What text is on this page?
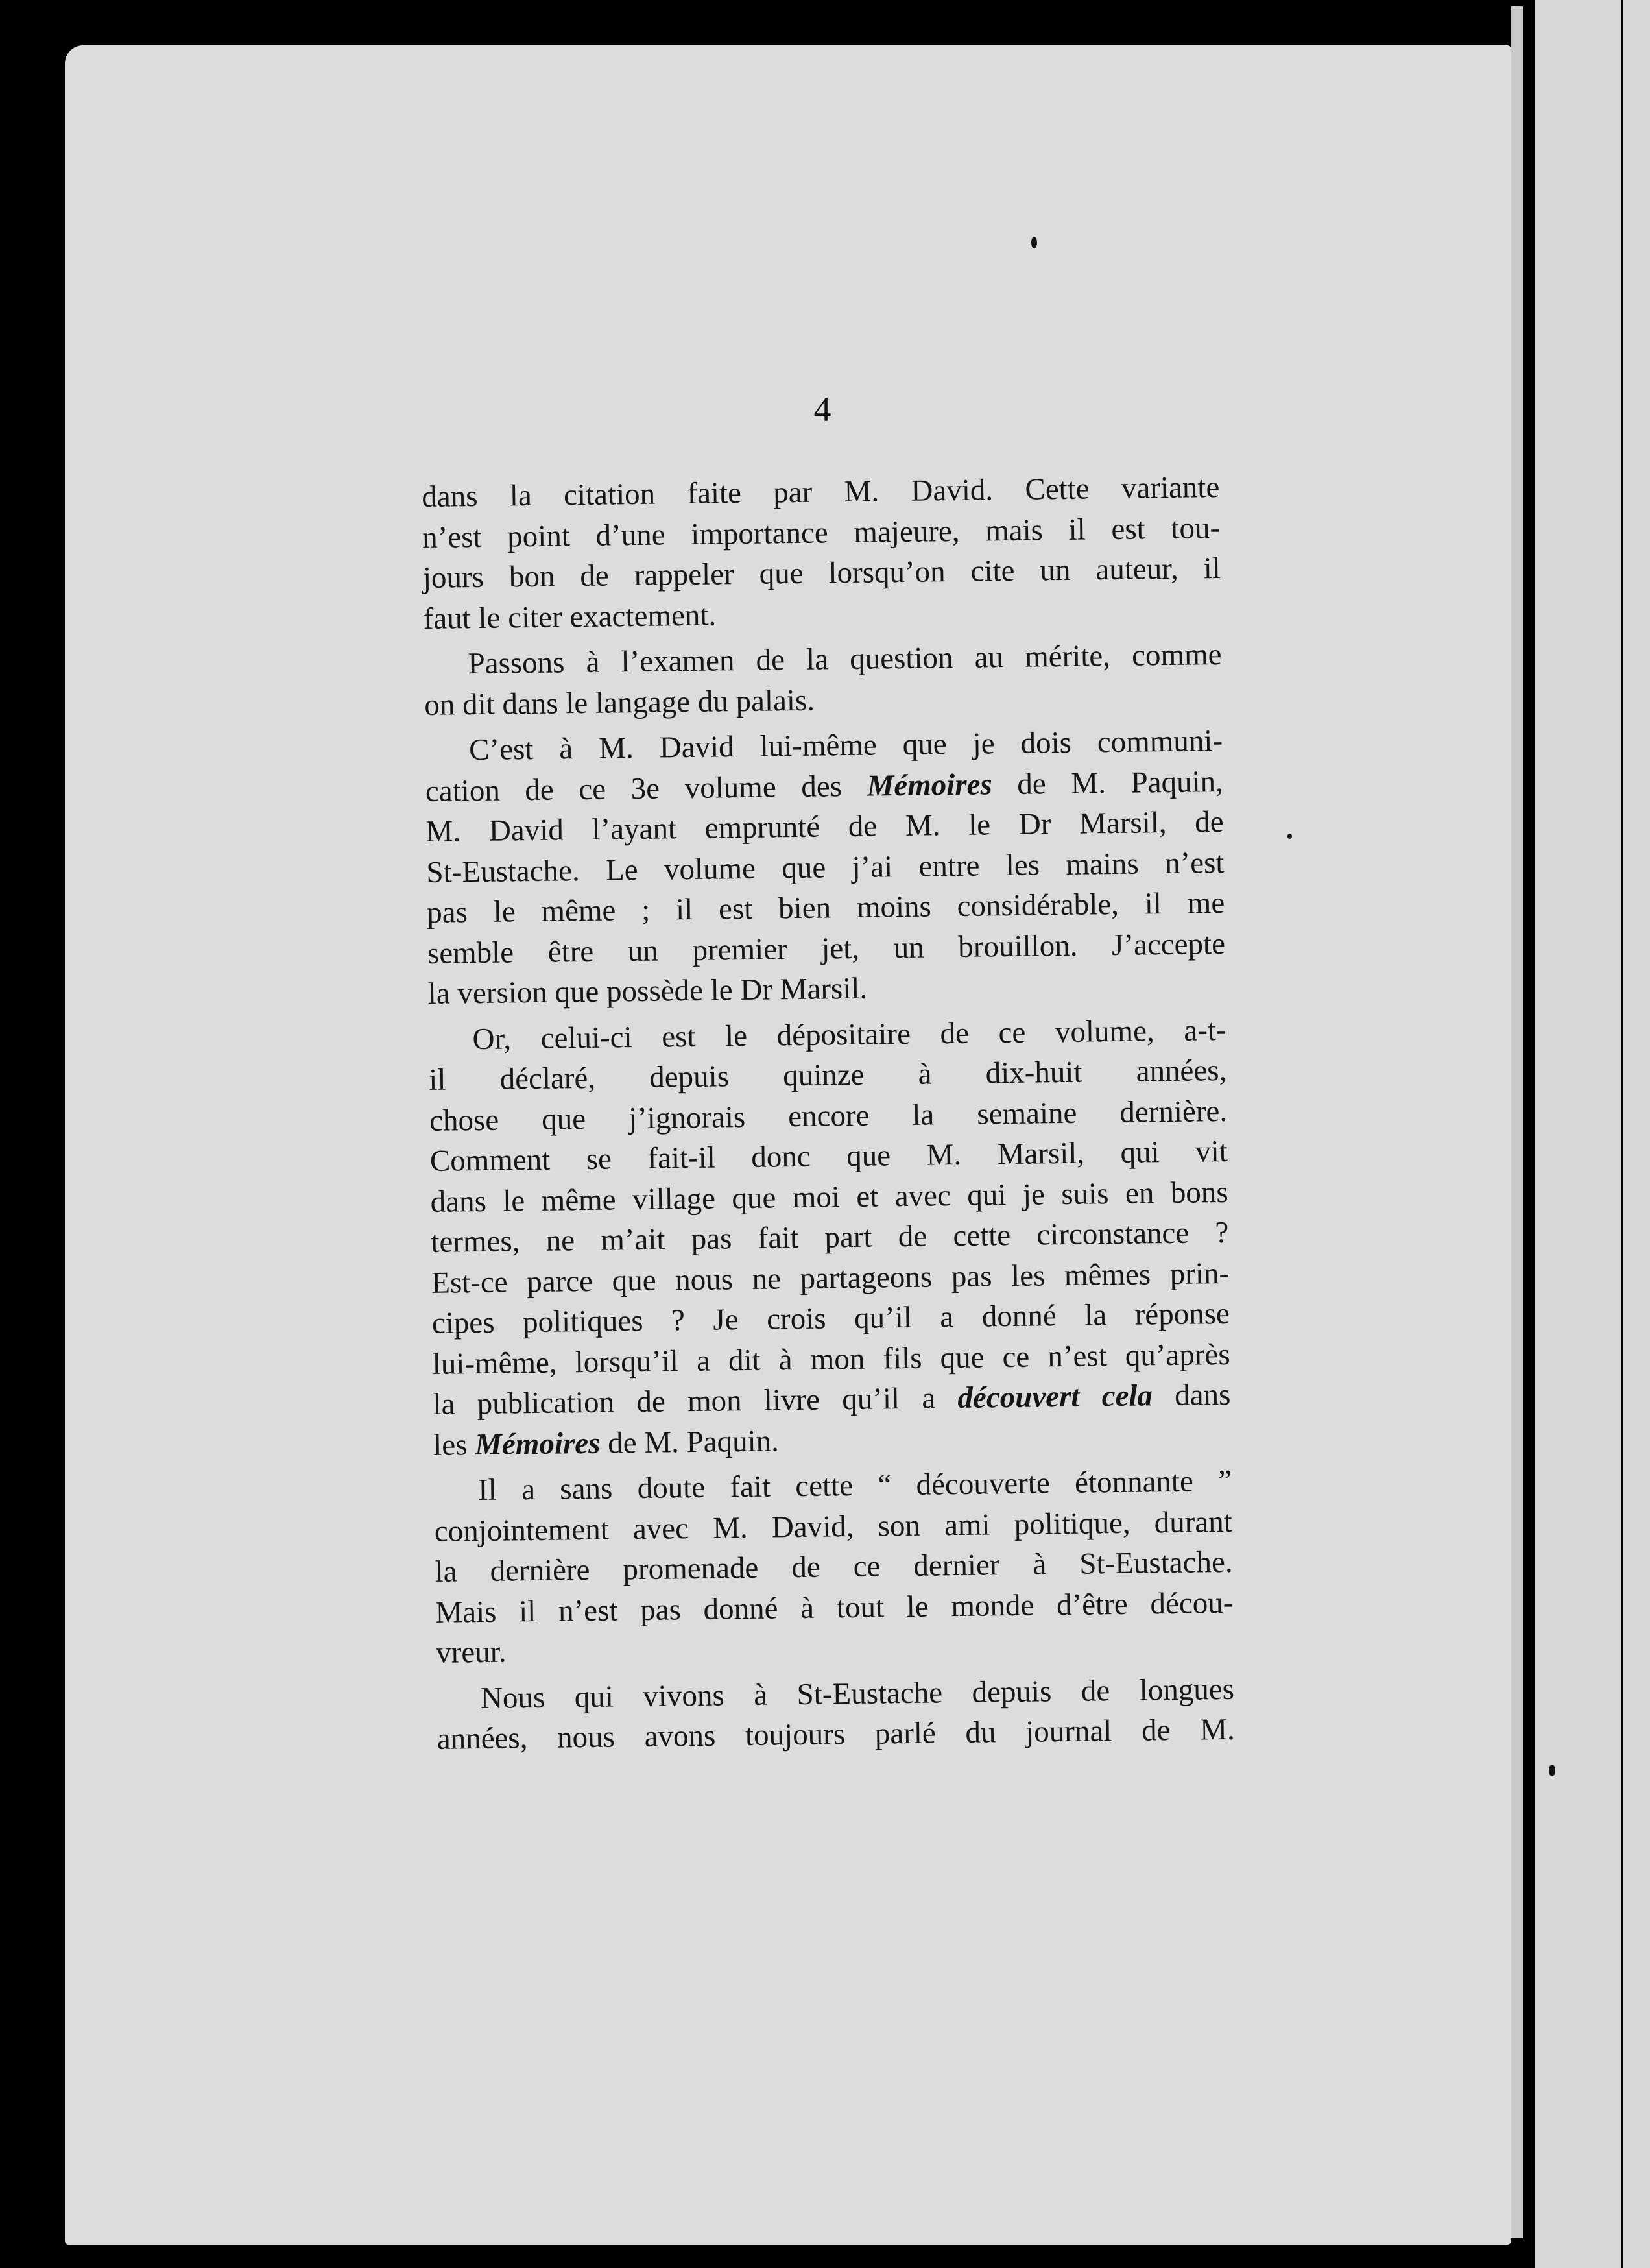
4
dans la citation faite par M. David. Cette variante
n’est point d’une importance majeure, mais il est tou-
jours bon de rappeler que lorsqu’on cite un auteur, il
faut le citer exactement.
Passons à l’examen de la question au mérite, comme
on dit dans le langage du palais.
C’est à M. David lui-même que je dois communi-
cation de ce 3e volume des Mémoires de M. Paquin,
M. David l’ayant emprunté de M. le Dr Marsil, de
St-Eustache. Le volume que j’ai entre les mains n’est
pas le même ; il est bien moins considérable, il me
semble être un premier jet, un brouillon. J’accepte
la version que possède le Dr Marsil.
Or, celui-ci est le dépositaire de ce volume, a-t-
il déclaré, depuis quinze à dix-huit années,
chose que j’ignorais encore la semaine dernière.
Comment se fait-il donc que M. Marsil, qui vit
dans le même village que moi et avec qui je suis en bons
termes, ne m’ait pas fait part de cette circonstance ?
Est-ce parce que nous ne partageons pas les mêmes prin-
cipes politiques ? Je crois qu’il a donné la réponse
lui-même, lorsqu’il a dit à mon fils que ce n’est qu’après
la publication de mon livre qu’il a découvert cela dans
les Mémoires de M. Paquin.
Il a sans doute fait cette “ découverte étonnante ”
conjointement avec M. David, son ami politique, durant
la dernière promenade de ce dernier à St-Eustache.
Mais il n’est pas donné à tout le monde d’être décou-
vreur.
Nous qui vivons à St-Eustache depuis de longues
années, nous avons toujours parlé du journal de M.
